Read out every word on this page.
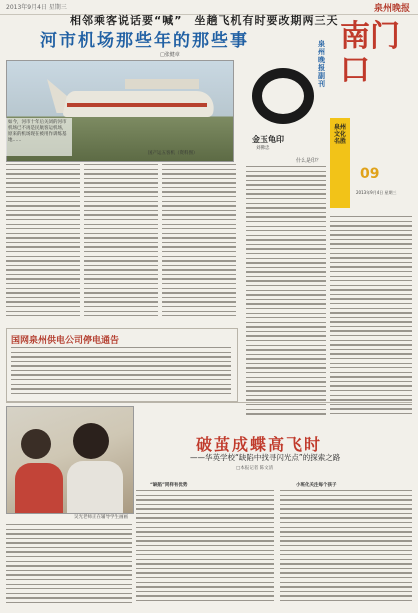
2013年9月4日 星期三	泉州晚报
相邻乘客说话要“喊”　坐趟飞机有时要改期两三天
河市机场那些年的那些事
□张健章
如今，河市十年后关闭的河市机场已不再是民航客运机场，原来的机场现在被用作训练基地……
国产运五客机（资料图）
国网泉州供电公司停电通告
泉州晚报副刊
南门口
泉州文化名胜
09
2013年9月4日 星期三
金玉龟印
刘佛忠
什么是印？
吴光老师正在辅导学生画画
破茧成蝶高飞时
——华英学校“缺陷中找寻闪光点”的探索之路
□本报记者 陈文清
“缺陷”同样有优势	小班化关注每个孩子
